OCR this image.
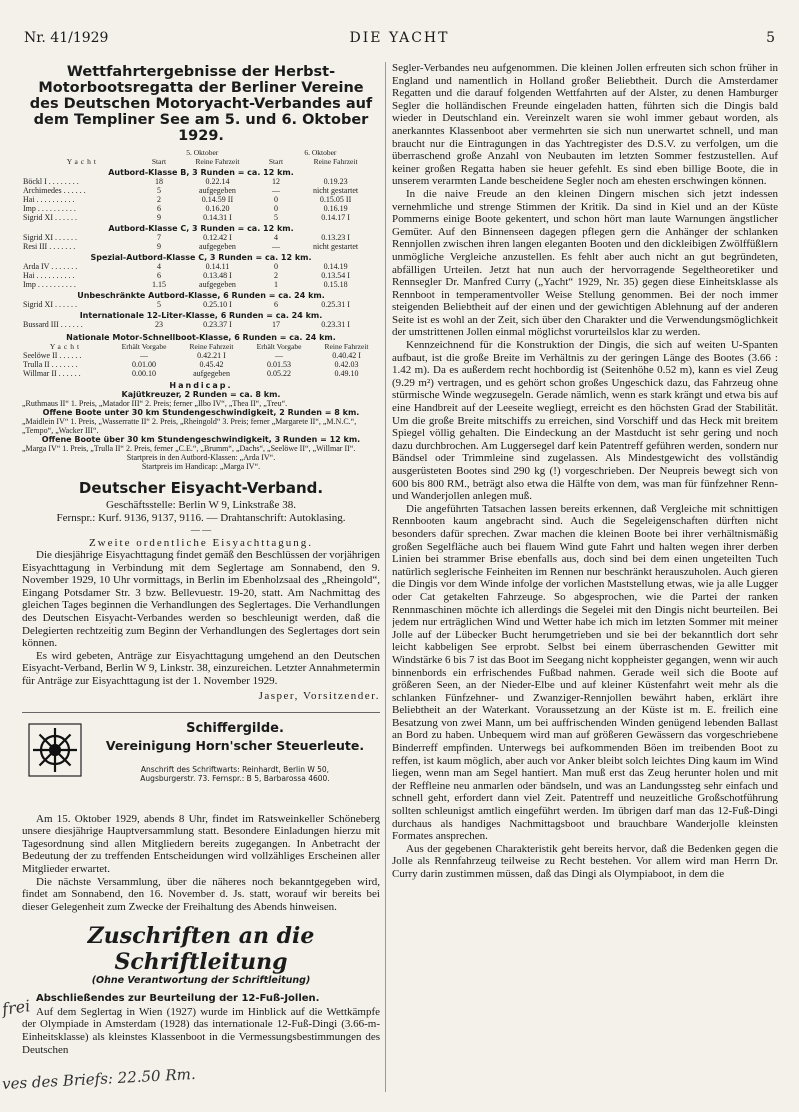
Nr. 41/1929	DIE YACHT	5
Wettfahrtergebnisse der Herbst-Motorbootsregatta der Berliner Vereine des Deutschen Motoryacht-Verbandes auf dem Templiner See am 5. und 6. Oktober 1929.
	5. Oktober		6. Oktober	
Yacht	Start	Reine Fahrzeit	Start	Reine Fahrzeit
Autbord-Klasse B, 3 Runden = ca. 12 km.				
Böckl I . . . . . . . .	18	0.22.14	12	0.19.23
Archimedes . . . . . .	5	aufgegeben	—	nicht gestartet
Hai . . . . . . . . . .	2	0.14.59 II	0	0.15.05 II
Imp . . . . . . . . . .	6	0.16.20	0	0.16.19
Sigrid XI . . . . . .	9	0.14.31 I	5	0.14.17 I
Autbord-Klasse C, 3 Runden = ca. 12 km.				
Sigrid XI . . . . . .	7	0.12.42 I	4	0.13.23 I
Resi III . . . . . . .	9	aufgegeben	—	nicht gestartet
Spezial-Autbord-Klasse C, 3 Runden = ca. 12 km.				
Arda IV . . . . . . .	4	0.14.11	0	0.14.19
Hai . . . . . . . . . .	6	0.13.48 I	2	0.13.54 I
Imp . . . . . . . . . .	1.15	aufgegeben	1	0.15.18
Unbeschränkte Autbord-Klasse, 6 Runden = ca. 24 km.				
Sigrid XI . . . . . .	5	0.25.10 I	6	0.25.31 I
Internationale 12-Liter-Klasse, 6 Runden = ca. 24 km.				
Bussard III . . . . . .	23	0.23.37 I	17	0.23.31 I
Nationale Motor-Schnellboot-Klasse, 6 Runden = ca. 24 km.				
Yacht	Erhält Vorgabe	Reine Fahrzeit	Erhält Vorgabe	Reine Fahrzeit
Seelöwe II . . . . . .	—	0.42.21 I	—	0.40.42 I
Trulla II . . . . . . .	0.01.00	0.45.42	0.01.53	0.42.03
Willmar II . . . . . .	0.00.10	aufgegeben	0.05.22	0.49.10
Handicap.
Kajütkreuzer, 2 Runden = ca. 8 km.

„Ruthmaus II“ 1. Preis, „Matador III“ 2. Preis; ferner „Ilbo IV“, „Thea II“, „Treu“.

Offene Boote unter 30 km Stundengeschwindigkeit, 2 Runden = 8 km.

„Maidlein IV“ 1. Preis, „Wasserratte II“ 2. Preis, „Rheingold“ 3. Preis; ferner „Margarete II“, „M.N.C.“, „Tempo“, „Wacker III“.

Offene Boote über 30 km Stundengeschwindigkeit, 3 Runden = 12 km.

„Marga IV“ 1. Preis, „Trulla II“ 2. Preis, ferner „C.E.“, „Brumm“, „Dachs“, „Seelöwe II“, „Willmar II“.

Startpreis in den Autbord-Klassen: „Arda IV“.
Startpreis im Handicap: „Marga IV“.
Deutscher Eisyacht-Verband.
Geschäftsstelle: Berlin W 9, Linkstraße 38.
Fernspr.: Kurf. 9136, 9137, 9116. — Drahtanschrift: Autoklasing.
— —
Zweite ordentliche Eisyachttagung.

Die diesjährige Eisyachttagung findet gemäß den Beschlüssen der vorjährigen Eisyachttagung in Verbindung mit dem Seglertage am Sonnabend, den 9. November 1929, 10 Uhr vormittags, in Berlin im Ebenholzsaal des „Rheingold“, Eingang Potsdamer Str. 3 bzw. Bellevuestr. 19-20, statt. Am Nachmittag des gleichen Tages beginnen die Verhandlungen des Seglertages. Die Verhandlungen des Deutschen Eisyacht-Verbandes werden so beschleunigt werden, daß die Delegierten rechtzeitig zum Beginn der Verhandlungen des Seglertages dort sein können.

Es wird gebeten, Anträge zur Eisyachttagung umgehend an den Deutschen Eisyacht-Verband, Berlin W 9, Linkstr. 38, einzureichen. Letzter Annahmetermin für Anträge zur Eisyachttagung ist der 1. November 1929.

Jasper, Vorsitzender.
Schiffergilde.
Vereinigung Horn'scher Steuerleute.
Anschrift des Schriftwarts: Reinhardt, Berlin W 50,
Augsburgerstr. 73. Fernspr.: B 5, Barbarossa 4600.

Am 15. Oktober 1929, abends 8 Uhr, findet im Ratsweinkeller Schöneberg unsere diesjährige Hauptversammlung statt. Besondere Einladungen hierzu mit Tagesordnung sind allen Mitgliedern bereits zugegangen. In Anbetracht der Bedeutung der zu treffenden Entscheidungen wird vollzähliges Erscheinen aller Mitglieder erwartet.

Die nächste Versammlung, über die näheres noch bekanntgegeben wird, findet am Sonnabend, den 16. November d. Js. statt, worauf wir bereits bei dieser Gelegenheit zum Zwecke der Freihaltung des Abends hinweisen.

Zuschriften an die Schriftleitung
(Ohne Verantwortung der Schriftleitung)

Abschließendes zur Beurteilung der 12-Fuß-Jollen.

Auf dem Seglertag in Wien (1927) wurde im Hinblick auf die Wettkämpfe der Olympiade in Amsterdam (1928) das internationale 12-Fuß-Dingi (3.66-m-Einheitsklasse) als kleinstes Klassenboot in die Vermessungsbestimmungen des Deutschen

frei
ves des Briefs: 22.50 Rm.

Segler-Verbandes neu aufgenommen. Die kleinen Jollen erfreuten sich schon früher in England und namentlich in Holland großer Beliebtheit. Durch die Amsterdamer Regatten und die darauf folgenden Wettfahrten auf der Alster, zu denen Hamburger Segler die holländischen Freunde eingeladen hatten, führten sich die Dingis bald wieder in Deutschland ein. Vereinzelt waren sie wohl immer gebaut worden, als anerkanntes Klassenboot aber vermehrten sie sich nun unerwartet schnell, und man braucht nur die Eintragungen in das Yachtregister des D.S.V. zu verfolgen, um die überraschend große Anzahl von Neubauten im letzten Sommer festzustellen. Auf keiner großen Regatta haben sie heuer gefehlt. Es sind eben billige Boote, die in unserem verarmten Lande bescheidene Segler noch am ehesten erschwingen können.

In die naive Freude an den kleinen Dingern mischen sich jetzt indessen vernehmliche und strenge Stimmen der Kritik. Da sind in Kiel und an der Küste Pommerns einige Boote gekentert, und schon hört man laute Warnungen ängstlicher Gemüter. Auf den Binnenseen dagegen pflegen gern die Anhänger der schlanken Rennjollen zwischen ihren langen eleganten Booten und den dickleibigen Zwölffüßlern unmögliche Vergleiche anzustellen. Es fehlt aber auch nicht an gut begründeten, abfälligen Urteilen. Jetzt hat nun auch der hervorragende Segeltheoretiker und Rennsegler Dr. Manfred Curry („Yacht“ 1929, Nr. 35) gegen diese Einheitsklasse als Rennboot in temperamentvoller Weise Stellung genommen. Bei der noch immer steigenden Beliebtheit auf der einen und der gewichtigen Ablehnung auf der anderen Seite ist es wohl an der Zeit, sich über den Charakter und die Verwendungsmöglichkeit der umstrittenen Jollen einmal möglichst vorurteilslos klar zu werden.

Kennzeichnend für die Konstruktion der Dingis, die sich auf weiten U-Spanten aufbaut, ist die große Breite im Verhältnis zu der geringen Länge des Bootes (3.66 : 1.42 m). Da es außerdem recht hochbordig ist (Seitenhöhe 0.52 m), kann es viel Zeug (9.29 m²) vertragen, und es gehört schon großes Ungeschick dazu, das Fahrzeug ohne stürmische Winde wegzusegeln. Gerade nämlich, wenn es stark krängt und etwa bis auf eine Handbreit auf der Leeseite wegliegt, erreicht es den höchsten Grad der Stabilität. Um die große Breite mitschiffs zu erreichen, sind Vorschiff und das Heck mit breitem Spiegel völlig gehalten. Die Eindeckung an der Mastducht ist sehr gering und noch dazu durchbrochen. Am Luggersegel darf kein Patentreff geführen werden, sondern nur Bändsel oder Trimmleine sind zugelassen. Als Mindestgewicht des vollständig ausgerüsteten Bootes sind 290 kg (!) vorgeschrieben. Der Neupreis bewegt sich von 600 bis 800 RM., beträgt also etwa die Hälfte von dem, was man für fünfzehner Renn- und Wanderjollen anlegen muß.

Die angeführten Tatsachen lassen bereits erkennen, daß Vergleiche mit schnittigen Rennbooten kaum angebracht sind. Auch die Segeleigenschaften dürften nicht besonders dafür sprechen. Zwar machen die kleinen Boote bei ihrer verhältnismäßig großen Segelfläche auch bei flauem Wind gute Fahrt und halten wegen ihrer derben Linien bei strammer Brise ebenfalls aus, doch sind bei dem einen ungeteilten Tuch natürlich seglerische Feinheiten im Rennen nur beschränkt herauszuholen. Auch gieren die Dingis vor dem Winde infolge der vorlichen Maststellung etwas, wie ja alle Lugger oder Cat getakelten Fahrzeuge. So abgesprochen, wie die Partei der ranken Rennmaschinen möchte ich allerdings die Segelei mit den Dingis nicht beurteilen. Bei jedem nur erträglichen Wind und Wetter habe ich mich im letzten Sommer mit meiner Jolle auf der Lübecker Bucht herumgetrieben und sie bei der bekanntlich dort sehr leicht kabbeligen See erprobt. Selbst bei einem überraschenden Gewitter mit Windstärke 6 bis 7 ist das Boot im Seegang nicht koppheister gegangen, wenn wir auch binnenbords ein erfrischendes Fußbad nahmen. Gerade weil sich die Boote auf größeren Seen, an der Nieder-Elbe und auf kleiner Küstenfahrt weit mehr als die schlanken Fünfzehner- und Zwanziger-Rennjollen bewährt haben, erklärt ihre Beliebtheit an der Waterkant. Voraussetzung an der Küste ist m. E. freilich eine Besatzung von zwei Mann, um bei auffrischenden Winden genügend lebenden Ballast an Bord zu haben. Unbequem wird man auf größeren Gewässern das vorgeschriebene Binderreff empfinden. Unterwegs bei aufkommenden Böen im treibenden Boot zu reffen, ist kaum möglich, aber auch vor Anker bleibt solch leichtes Ding kaum im Wind liegen, wenn man am Segel hantiert. Man muß erst das Zeug herunter holen und mit der Reffleine neu anmarlen oder bändseln, und was an Landungssteg sehr einfach und schnell geht, erfordert dann viel Zeit. Patentreff und neuzeitliche Großschotführung sollten schleunigst amtlich eingeführt werden. Im übrigen darf man das 12-Fuß-Dingi durchaus als handiges Nachmittagsboot und brauchbare Wanderjolle kleinsten Formates ansprechen.

Aus der gegebenen Charakteristik geht bereits hervor, daß die Bedenken gegen die Jolle als Rennfahrzeug teilweise zu Recht bestehen. Vor allem wird man Herrn Dr. Curry darin zustimmen müssen, daß das Dingi als Olympiaboot, in dem die
